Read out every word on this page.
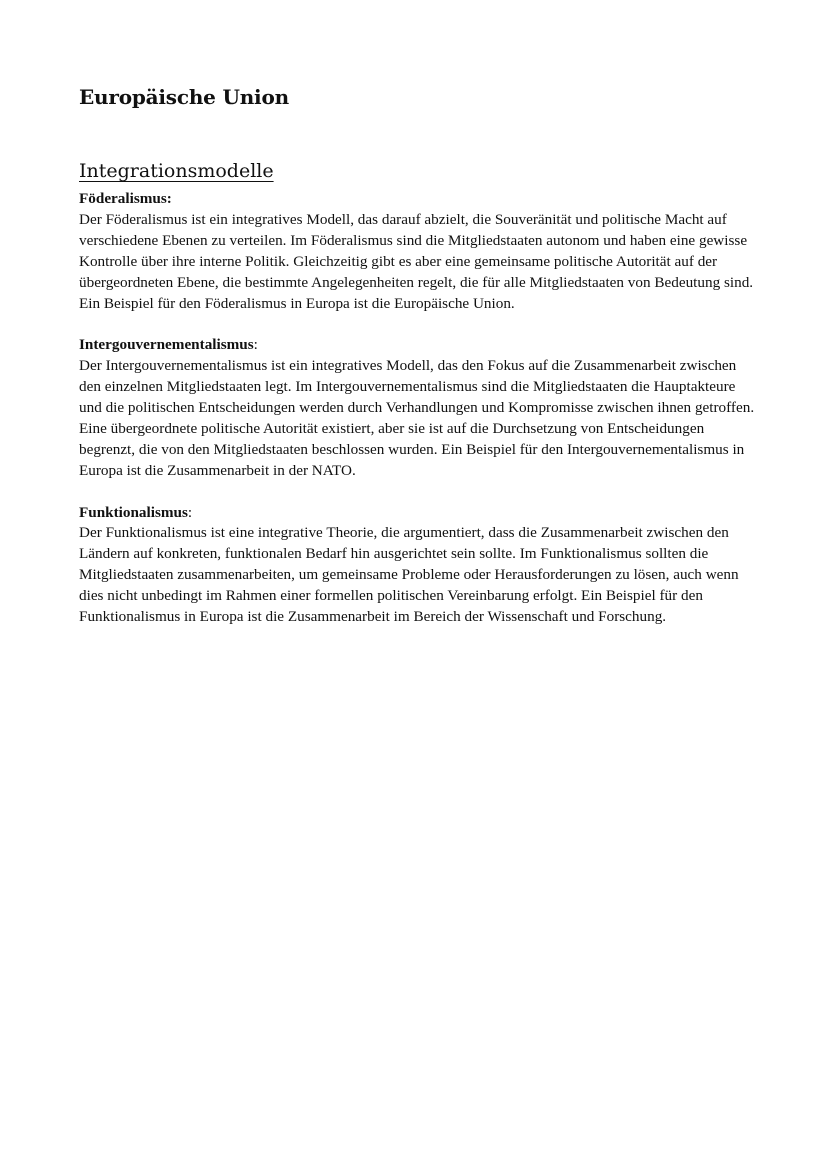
Europäische Union
Integrationsmodelle

Föderalismus:

Der Föderalismus ist ein integratives Modell, das darauf abzielt, die Souveränität und politische Macht auf verschiedene Ebenen zu verteilen. Im Föderalismus sind die Mitgliedstaaten autonom und haben eine gewisse Kontrolle über ihre interne Politik. Gleichzeitig gibt es aber eine gemeinsame politische Autorität auf der übergeordneten Ebene, die bestimmte Angelegenheiten regelt, die für alle Mitgliedstaaten von Bedeutung sind. Ein Beispiel für den Föderalismus in Europa ist die Europäische Union.

Intergouvernementalismus:

Der Intergouvernementalismus ist ein integratives Modell, das den Fokus auf die Zusammenarbeit zwischen den einzelnen Mitgliedstaaten legt. Im Intergouvernementalismus sind die Mitgliedstaaten die Hauptakteure und die politischen Entscheidungen werden durch Verhandlungen und Kompromisse zwischen ihnen getroffen. Eine übergeordnete politische Autorität existiert, aber sie ist auf die Durchsetzung von Entscheidungen begrenzt, die von den Mitgliedstaaten beschlossen wurden. Ein Beispiel für den Intergouvernementalismus in Europa ist die Zusammenarbeit in der NATO.

Funktionalismus:

Der Funktionalismus ist eine integrative Theorie, die argumentiert, dass die Zusammenarbeit zwischen den Ländern auf konkreten, funktionalen Bedarf hin ausgerichtet sein sollte. Im Funktionalismus sollten die Mitgliedstaaten zusammenarbeiten, um gemeinsame Probleme oder Herausforderungen zu lösen, auch wenn dies nicht unbedingt im Rahmen einer formellen politischen Vereinbarung erfolgt. Ein Beispiel für den Funktionalismus in Europa ist die Zusammenarbeit im Bereich der Wissenschaft und Forschung.
